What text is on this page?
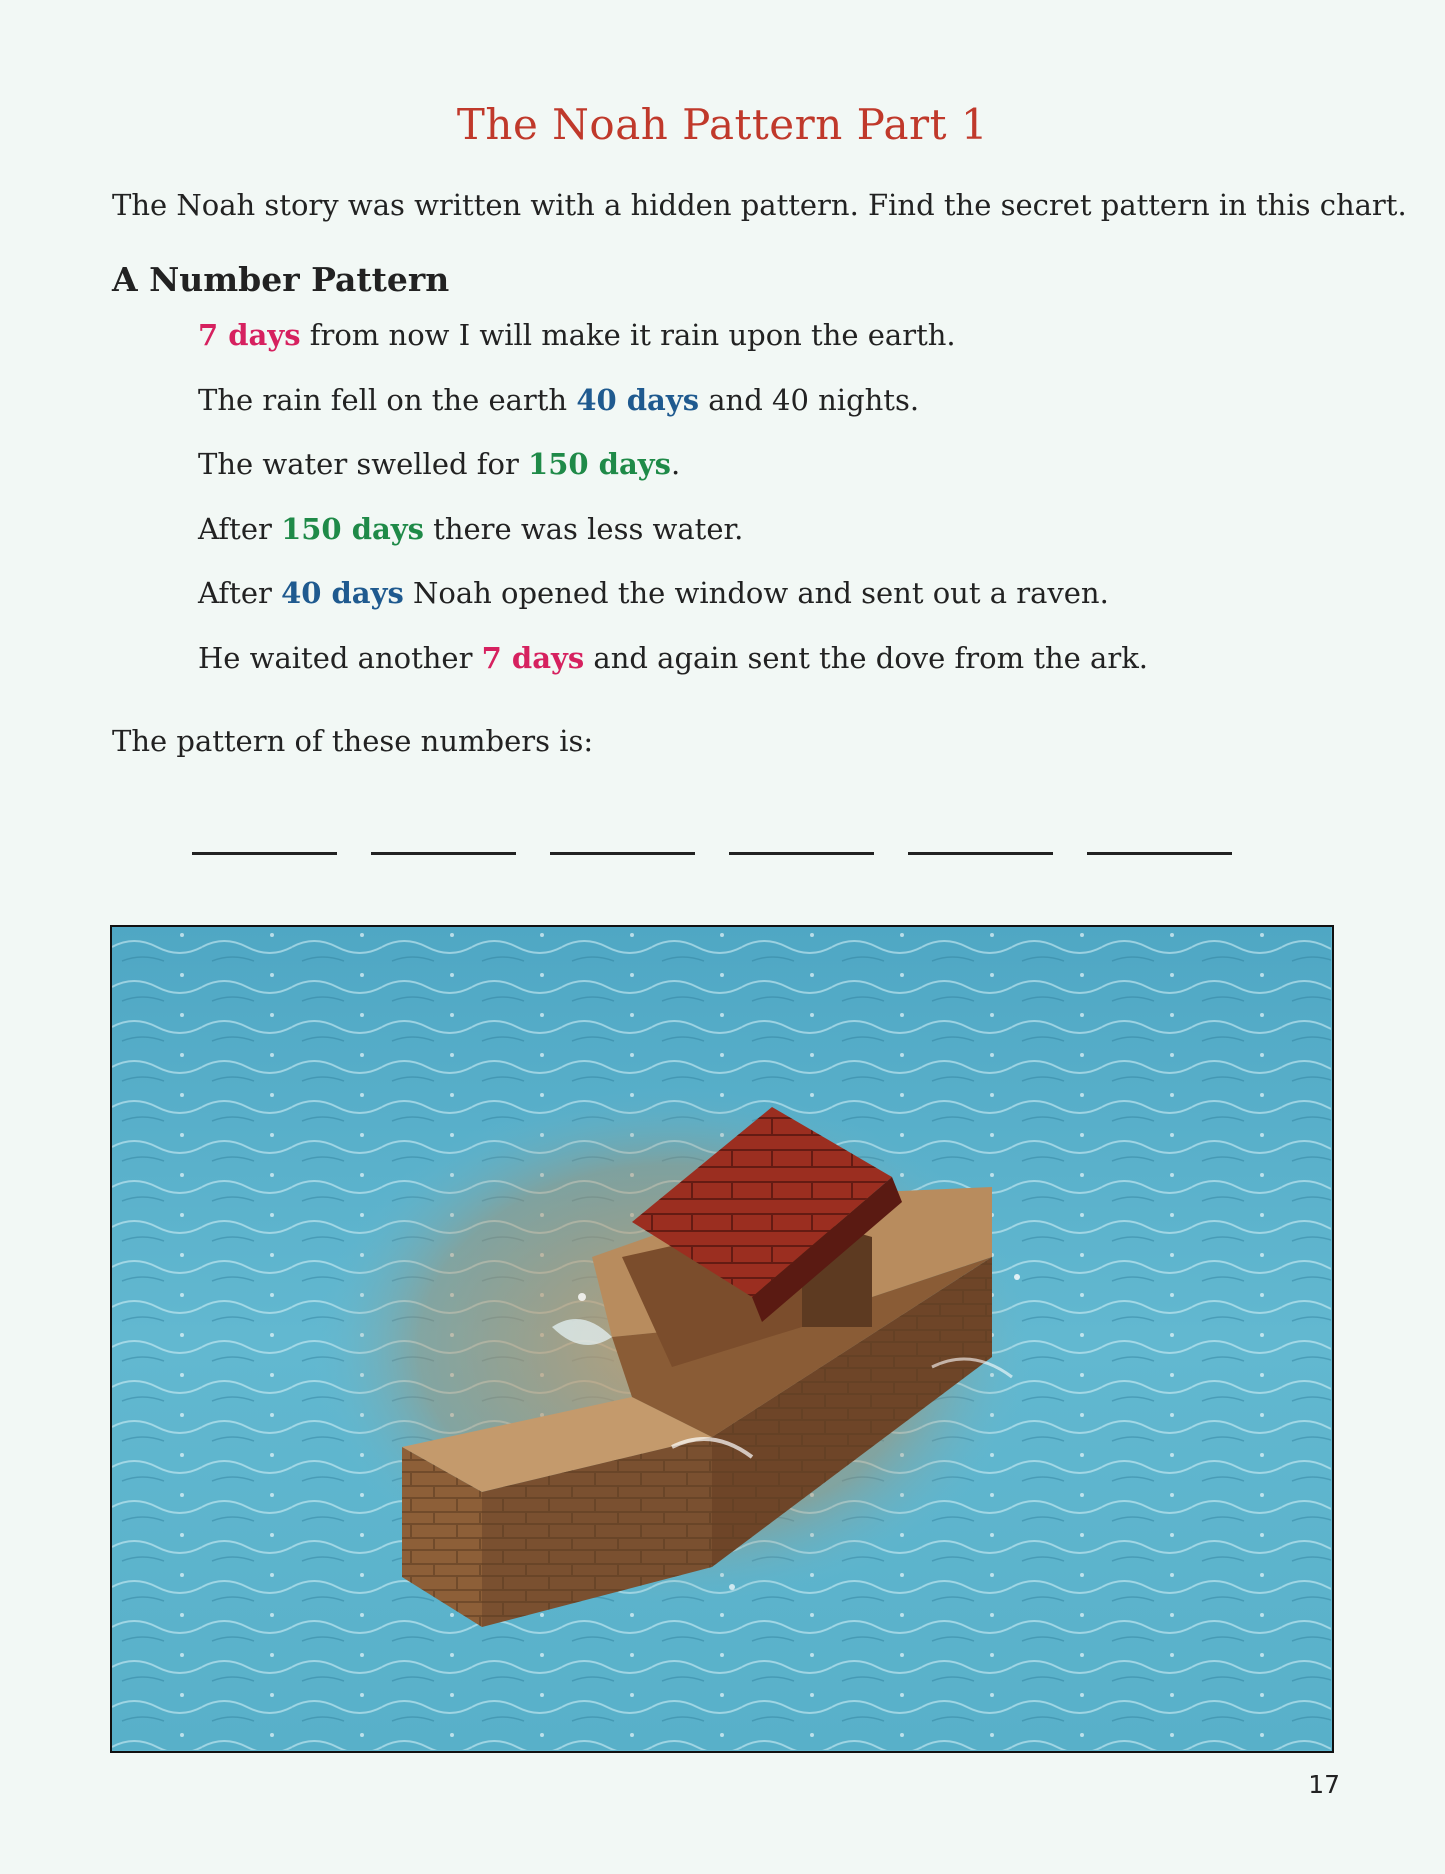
The Noah Pattern Part 1
The Noah story was written with a hidden pattern. Find the secret pattern in this chart.
A Number Pattern
7 days from now I will make it rain upon the earth.
The rain fell on the earth 40 days and 40 nights.
The water swelled for 150 days.
After 150 days there was less water.
After 40 days Noah opened the window and sent out a raven.
He waited another 7 days and again sent the dove from the ark.
The pattern of these numbers is:
17
